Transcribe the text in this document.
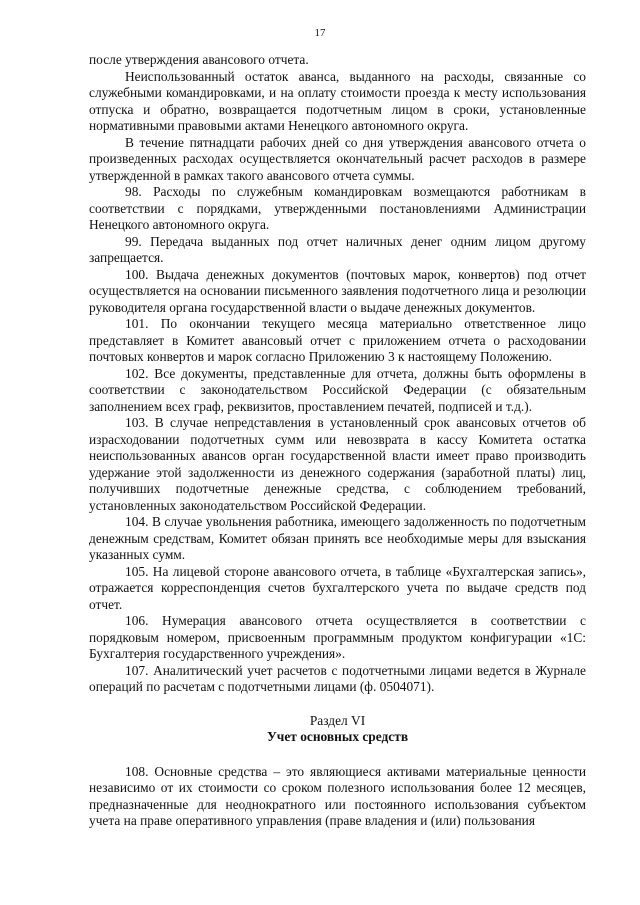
17

после утверждения авансового отчета.

Неиспользованный остаток аванса, выданного на расходы, связанные со служебными командировками, и на оплату стоимости проезда к месту использования отпуска и обратно, возвращается подотчетным лицом в сроки, установленные нормативными правовыми актами Ненецкого автономного округа.

В течение пятнадцати рабочих дней со дня утверждения авансового отчета о произведенных расходах осуществляется окончательный расчет расходов в размере утвержденной в рамках такого авансового отчета суммы.

98. Расходы по служебным командировкам возмещаются работникам в соответствии с порядками, утвержденными постановлениями Администрации Ненецкого автономного округа.

99. Передача выданных под отчет наличных денег одним лицом другому запрещается.

100. Выдача денежных документов (почтовых марок, конвертов) под отчет осуществляется на основании письменного заявления подотчетного лица и резолюции руководителя органа государственной власти о выдаче денежных документов.

101. По окончании текущего месяца материально ответственное лицо представляет в Комитет авансовый отчет с приложением отчета о расходовании почтовых конвертов и марок согласно Приложению 3 к настоящему Положению.

102. Все документы, представленные для отчета, должны быть оформлены в соответствии с законодательством Российской Федерации (с обязательным заполнением всех граф, реквизитов, проставлением печатей, подписей и т.д.).

103. В случае непредставления в установленный срок авансовых отчетов об израсходовании подотчетных сумм или невозврата в кассу Комитета остатка неиспользованных авансов орган государственной власти имеет право производить удержание этой задолженности из денежного содержания (заработной платы) лиц, получивших подотчетные денежные средства, с соблюдением требований, установленных законодательством Российской Федерации.

104. В случае увольнения работника, имеющего задолженность по подотчетным денежным средствам, Комитет обязан принять все необходимые меры для взыскания указанных сумм.

105. На лицевой стороне авансового отчета, в таблице «Бухгалтерская запись», отражается корреспонденция счетов бухгалтерского учета по выдаче средств под отчет.

106. Нумерация авансового отчета осуществляется в соответствии с порядковым номером, присвоенным программным продуктом конфигурации «1С: Бухгалтерия государственного учреждения».

107. Аналитический учет расчетов с подотчетными лицами ведется в Журнале операций по расчетам с подотчетными лицами (ф. 0504071).

Раздел VI
Учет основных средств

108. Основные средства – это являющиеся активами материальные ценности независимо от их стоимости со сроком полезного использования более 12 месяцев, предназначенные для неоднократного или постоянного использования субъектом учета на праве оперативного управления (праве владения и (или) пользования
